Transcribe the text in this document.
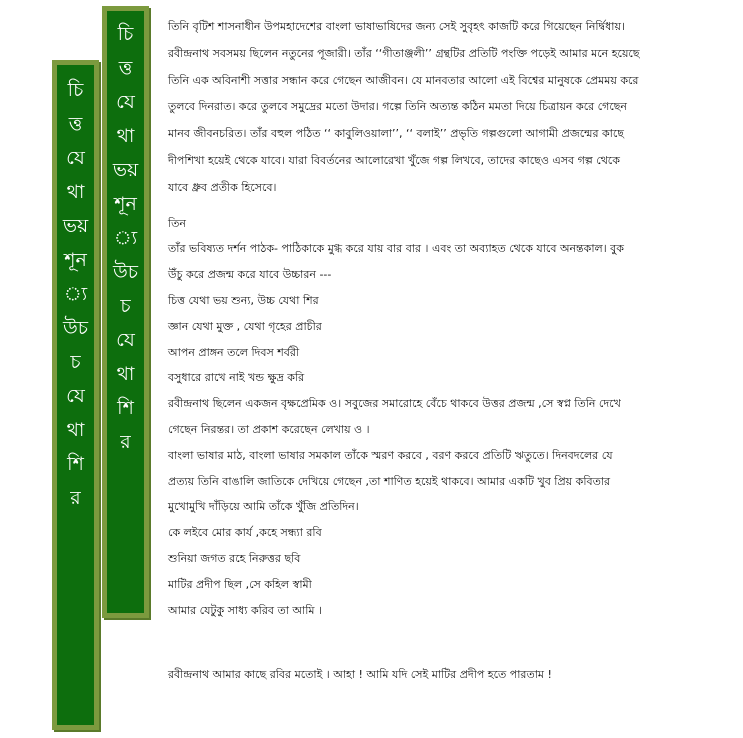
চি
ত্ত
যে
থা
ভয়
শূন
্য
উচ
চ
যে
থা
শি
র
চি
ত্ত
যে
থা
ভয়
শূন
্য
উচ
চ
যে
থা
শি
র
তিনি বৃটিশ শাসনাধীন উপমহাদেশের বাংলা ভাষাভাষিদের জন্য সেই সুবৃহৎ কাজটি করে গিয়েছেন নির্দ্বিধায়।
রবীন্দ্রনাথ সবসময় ছিলেন নতুনের পূজারী। তাঁর ‘‘গীতাঞ্জলী’’ গ্রন্থটির প্রতিটি পংক্তি পড়েই আমার মনে হয়েছে
তিনি এক অবিনাশী সত্তার সন্ধান করে গেছেন আজীবন। যে মানবতার আলো এই বিশ্বের মানুষকে প্রেমময় করে
তুলবে দিনরাত। করে তুলবে সমুদ্রের মতো উদার। গল্পে তিনি অত্যন্ত কঠিন মমতা দিয়ে চিত্রায়ন করে গেছেন
মানব জীবনচরিত। তাঁর বহুল পঠিত ‘‘ কাবুলিওয়ালা’’, ‘‘ বলাই’’ প্রভৃতি গল্পগুলো আগামী প্রজন্মের কাছে
দীপশিখা হয়েই থেকে যাবে। যারা বিবর্তনের আলোরেখা খুঁজে গল্প লিখবে, তাদের কাছেও এসব গল্প থেকে
যাবে ধ্রুব প্রতীক হিসেবে।
তিন
তাঁর ভবিষ্যত দর্শন পাঠক- পাঠিকাকে মুগ্ধ করে যায় বার বার । এবং তা অব্যাহত থেকে যাবে অনন্তকাল। বুক
উঁচু করে প্রজন্ম করে যাবে উচ্চারন ---
চিত্ত যেথা ভয় শুন্য, উচ্চ যেথা শির
জ্ঞান যেথা মুক্ত , যেথা গৃহের প্রাচীর
আপন প্রাঙ্গন তলে দিবস শর্বরী
বসুধারে রাখে নাই খন্ড ক্ষুদ্র করি
রবীন্দ্রনাথ ছিলেন একজন বৃক্ষপ্রেমিক ও। সবুজের সমারোহে বেঁচে থাকবে উত্তর প্রজন্ম ,সে স্বপ্ন তিনি দেখে
গেছেন নিরন্তর। তা প্রকাশ করেছেন লেখায় ও ।
বাংলা ভাষার মাঠ, বাংলা ভাষার সমকাল তাঁকে স্মরণ করবে , বরণ করবে প্রতিটি ঋতুতে। দিনবদলের যে
প্রত্যয় তিনি বাঙালি জাতিকে দেখিয়ে গেছেন ,তা শাণিত হয়েই থাকবে। আমার একটি খুব প্রিয় কবিতার
মুখোমুখি দাঁড়িয়ে আমি তাঁকে খুঁজি প্রতিদিন।
কে লইবে মোর কার্য ,কহে সন্ধ্যা রবি
শুনিয়া জগত রহে নিরুত্তর ছবি
মাটির প্রদীপ ছিল ,সে কহিল স্বামী
আমার যেটুকু সাধ্য করিব তা আমি ।
রবীন্দ্রনাথ আমার কাছে রবির মতোই । আহা ! আমি যদি সেই মাটির প্রদীপ হতে পারতাম !
